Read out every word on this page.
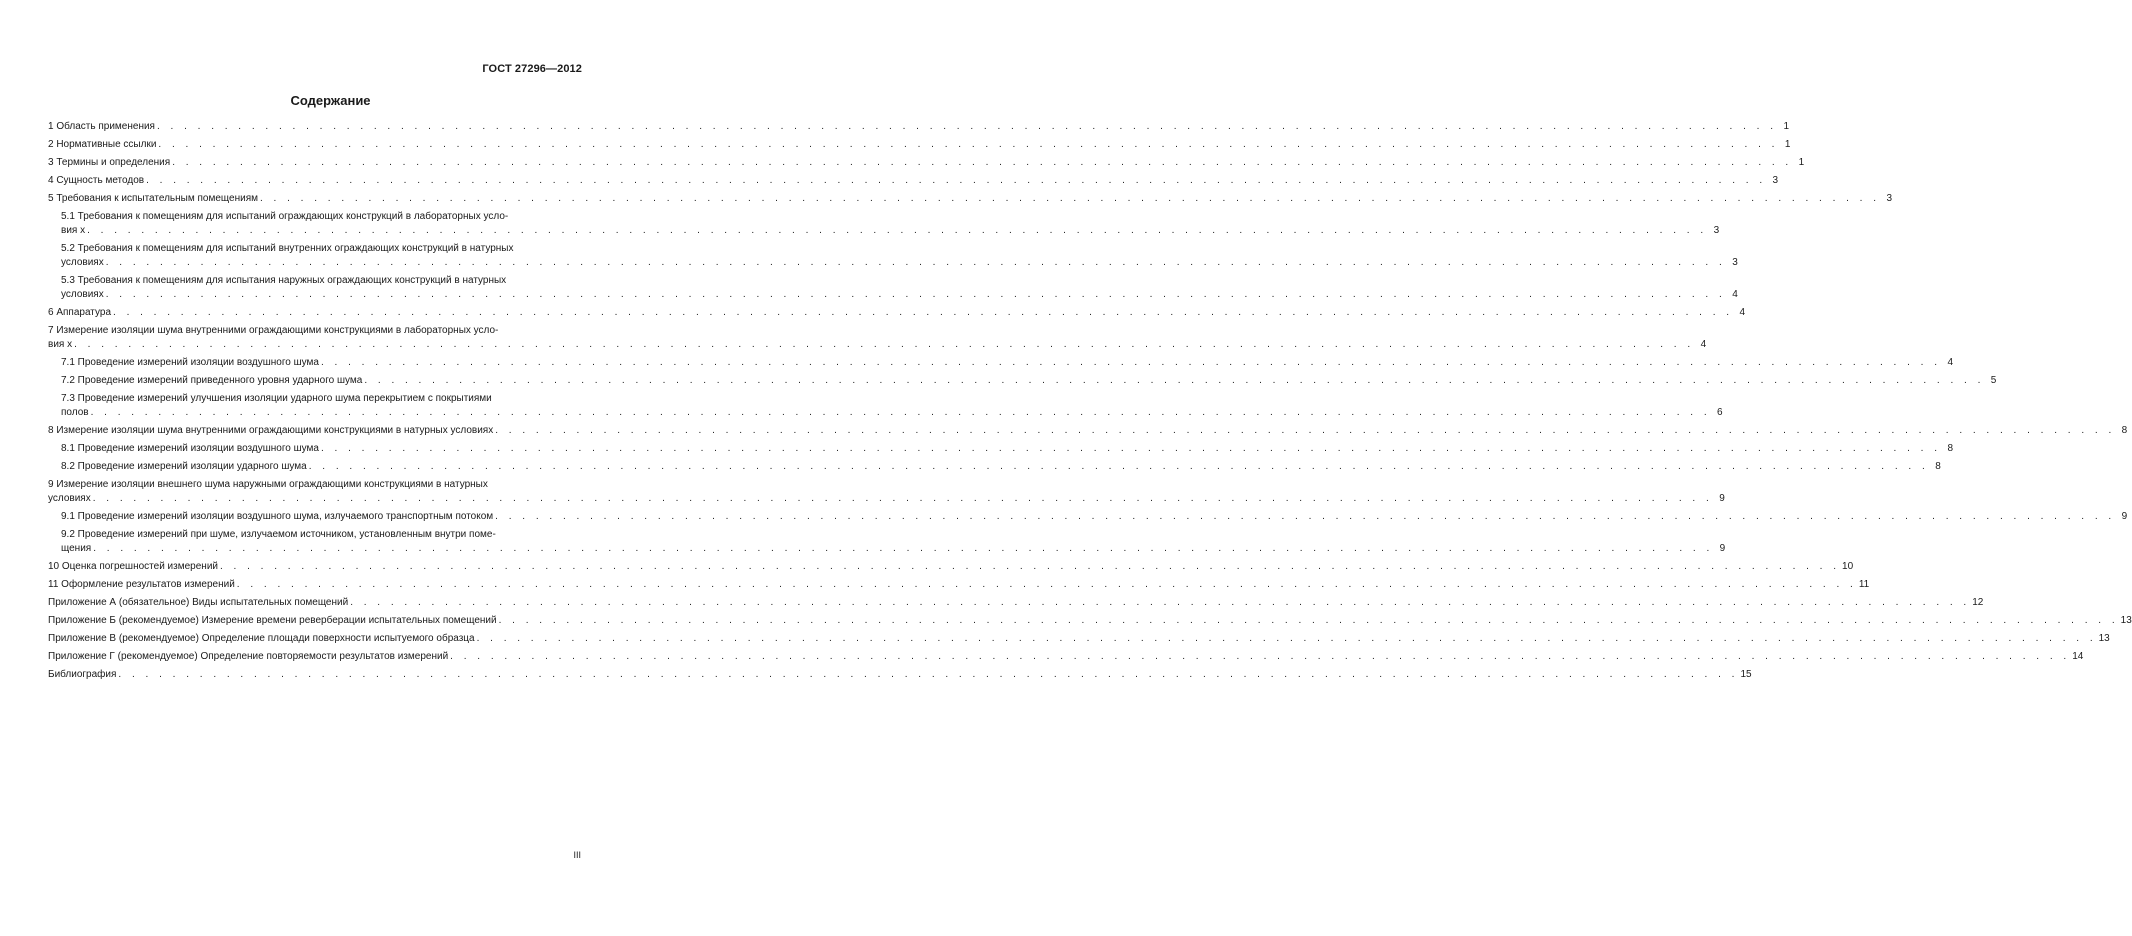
ГОСТ 27296—2012
Содержание
1 Область применения . . . . . . . . . . . . . . . . . . . . . . . . . . . . . . . . . . . . . . . . . . . . . . . . . . . . . . . . . . . . . . . . . . . . . . . . . . . . . . . . . . . . . . . . . . . . . . . . . . . . . . . . . . . . . . . . . . . . . . . . 1
2 Нормативные ссылки . . . . . . . . . . . . . . . . . . . . . . . . . . . . . . . . . . . . . . . . . . . . . . . . . . . . . . . . . . . . . . . . . . . . . . . . . . . . . . . . . . . . . . . . . . . . . . . . . . . . . . . . . . . . . . . . . . . . . . . . 1
3 Термины и определения . . . . . . . . . . . . . . . . . . . . . . . . . . . . . . . . . . . . . . . . . . . . . . . . . . . . . . . . . . . . . . . . . . . . . . . . . . . . . . . . . . . . . . . . . . . . . . . . . . . . . . . . . . . . . . . . . . . . . . . . 1
4 Сущность методов . . . . . . . . . . . . . . . . . . . . . . . . . . . . . . . . . . . . . . . . . . . . . . . . . . . . . . . . . . . . . . . . . . . . . . . . . . . . . . . . . . . . . . . . . . . . . . . . . . . . . . . . . . . . . . . . . . . . . . . . 3
5 Требования к испытательным помещениям . . . . . . . . . . . . . . . . . . . . . . . . . . . . . . . . . . . . . . . . . . . . . . . . . . . . . . . . . . . . . . . . . . . . . . . . . . . . . . . . . . . . . . . . . . . . . . . . . . . . . . . . . . . . . . . . . . . . . . . . 3
5.1 Требования к помещениям для испытаний ограждающих конструкций в лабораторных усло-
вия х . . . . . . . . . . . . . . . . . . . . . . . . . . . . . . . . . . . . . . . . . . . . . . . . . . . . . . . . . . . . . . . . . . . . . . . . . . . . . . . . . . . . . . . . . . . . . . . . . . . . . . . . . . . . . . . . . . . . . . . . 3
5.2 Требования к помещениям для испытаний внутренних ограждающих конструкций в натурных
условиях . . . . . . . . . . . . . . . . . . . . . . . . . . . . . . . . . . . . . . . . . . . . . . . . . . . . . . . . . . . . . . . . . . . . . . . . . . . . . . . . . . . . . . . . . . . . . . . . . . . . . . . . . . . . . . . . . . . . . . . . 3
5.3 Требования к помещениям для испытания наружных ограждающих конструкций в натурных
условиях . . . . . . . . . . . . . . . . . . . . . . . . . . . . . . . . . . . . . . . . . . . . . . . . . . . . . . . . . . . . . . . . . . . . . . . . . . . . . . . . . . . . . . . . . . . . . . . . . . . . . . . . . . . . . . . . . . . . . . . . 4
6 Аппаратура . . . . . . . . . . . . . . . . . . . . . . . . . . . . . . . . . . . . . . . . . . . . . . . . . . . . . . . . . . . . . . . . . . . . . . . . . . . . . . . . . . . . . . . . . . . . . . . . . . . . . . . . . . . . . . . . . . . . . . . . 4
7 Измерение изоляции шума внутренними ограждающими конструкциями в лабораторных усло-
вия х . . . . . . . . . . . . . . . . . . . . . . . . . . . . . . . . . . . . . . . . . . . . . . . . . . . . . . . . . . . . . . . . . . . . . . . . . . . . . . . . . . . . . . . . . . . . . . . . . . . . . . . . . . . . . . . . . . . . . . . . 4
7.1 Проведение измерений изоляции воздушного шума . . . . . . . . . . . . . . . . . . . . . . . . . . . . . . . . . . . . . . . . . . . . . . . . . . . . . . . . . . . . . . . . . . . . . . . . . . . . . . . . . . . . . . . . . . . . . . . . . . . . . . . . . . . . . . . . . . . . . . . . 4
7.2 Проведение измерений приведенного уровня ударного шума . . . . . . . . . . . . . . . . . . . . . . . . . . . . . . . . . . . . . . . . . . . . . . . . . . . . . . . . . . . . . . . . . . . . . . . . . . . . . . . . . . . . . . . . . . . . . . . . . . . . . . . . . . . . . . . . . . . . . . . . 5
7.3 Проведение измерений улучшения изоляции ударного шума перекрытием с покрытиями
полов . . . . . . . . . . . . . . . . . . . . . . . . . . . . . . . . . . . . . . . . . . . . . . . . . . . . . . . . . . . . . . . . . . . . . . . . . . . . . . . . . . . . . . . . . . . . . . . . . . . . . . . . . . . . . . . . . . . . . . . . 6
8 Измерение изоляции шума внутренними ограждающими конструкциями в натурных условиях . . . . . . . . . . . . . . . . . . . . . . . . . . . . . . . . . . . . . . . . . . . . . . . . . . . . . . . . . . . . . . . . . . . . . . . . . . . . . . . . . . . . . . . . . . . . . . . . . . . . . . . . . . . . . . . . . . . . . . . . 8
8.1 Проведение измерений изоляции воздушного шума . . . . . . . . . . . . . . . . . . . . . . . . . . . . . . . . . . . . . . . . . . . . . . . . . . . . . . . . . . . . . . . . . . . . . . . . . . . . . . . . . . . . . . . . . . . . . . . . . . . . . . . . . . . . . . . . . . . . . . . . 8
8.2 Проведение измерений изоляции ударного шума . . . . . . . . . . . . . . . . . . . . . . . . . . . . . . . . . . . . . . . . . . . . . . . . . . . . . . . . . . . . . . . . . . . . . . . . . . . . . . . . . . . . . . . . . . . . . . . . . . . . . . . . . . . . . . . . . . . . . . . . 8
9 Измерение изоляции внешнего шума наружными ограждающими конструкциями в натурных
условиях . . . . . . . . . . . . . . . . . . . . . . . . . . . . . . . . . . . . . . . . . . . . . . . . . . . . . . . . . . . . . . . . . . . . . . . . . . . . . . . . . . . . . . . . . . . . . . . . . . . . . . . . . . . . . . . . . . . . . . . . 9
9.1 Проведение измерений изоляции воздушного шума, излучаемого транспортным потоком . . . . . . . . . . . . . . . . . . . . . . . . . . . . . . . . . . . . . . . . . . . . . . . . . . . . . . . . . . . . . . . . . . . . . . . . . . . . . . . . . . . . . . . . . . . . . . . . . . . . . . . . . . . . . . . . . . . . . . . . 9
9.2 Проведение измерений при шуме, излучаемом источником, установленным внутри поме-
щения . . . . . . . . . . . . . . . . . . . . . . . . . . . . . . . . . . . . . . . . . . . . . . . . . . . . . . . . . . . . . . . . . . . . . . . . . . . . . . . . . . . . . . . . . . . . . . . . . . . . . . . . . . . . . . . . . . . . . . . . 9
10 Оценка погрешностей измерений . . . . . . . . . . . . . . . . . . . . . . . . . . . . . . . . . . . . . . . . . . . . . . . . . . . . . . . . . . . . . . . . . . . . . . . . . . . . . . . . . . . . . . . . . . . . . . . . . . . . . . . . . . . . . . . . . . . . . . . . 10
11 Оформление результатов измерений . . . . . . . . . . . . . . . . . . . . . . . . . . . . . . . . . . . . . . . . . . . . . . . . . . . . . . . . . . . . . . . . . . . . . . . . . . . . . . . . . . . . . . . . . . . . . . . . . . . . . . . . . . . . . . . . . . . . . . . . 11
Приложение А (обязательное) Виды испытательных помещений . . . . . . . . . . . . . . . . . . . . . . . . . . . . . . . . . . . . . . . . . . . . . . . . . . . . . . . . . . . . . . . . . . . . . . . . . . . . . . . . . . . . . . . . . . . . . . . . . . . . . . . . . . . . . . . . . . . . . . . . 12
Приложение Б (рекомендуемое) Измерение времени реверберации испытательных помещений . . . . . . . . . . . . . . . . . . . . . . . . . . . . . . . . . . . . . . . . . . . . . . . . . . . . . . . . . . . . . . . . . . . . . . . . . . . . . . . . . . . . . . . . . . . . . . . . . . . . . . . . . . . . . . . . . . . . . . . . 13
Приложение В (рекомендуемое) Определение площади поверхности испытуемого образца . . . . . . . . . . . . . . . . . . . . . . . . . . . . . . . . . . . . . . . . . . . . . . . . . . . . . . . . . . . . . . . . . . . . . . . . . . . . . . . . . . . . . . . . . . . . . . . . . . . . . . . . . . . . . . . . . . . . . . . . 13
Приложение Г (рекомендуемое) Определение повторяемости результатов измерений . . . . . . . . . . . . . . . . . . . . . . . . . . . . . . . . . . . . . . . . . . . . . . . . . . . . . . . . . . . . . . . . . . . . . . . . . . . . . . . . . . . . . . . . . . . . . . . . . . . . . . . . . . . . . . . . . . . . . . . . 14
Библиография . . . . . . . . . . . . . . . . . . . . . . . . . . . . . . . . . . . . . . . . . . . . . . . . . . . . . . . . . . . . . . . . . . . . . . . . . . . . . . . . . . . . . . . . . . . . . . . . . . . . . . . . . . . . . . . . . . . . . . . . 15
III
